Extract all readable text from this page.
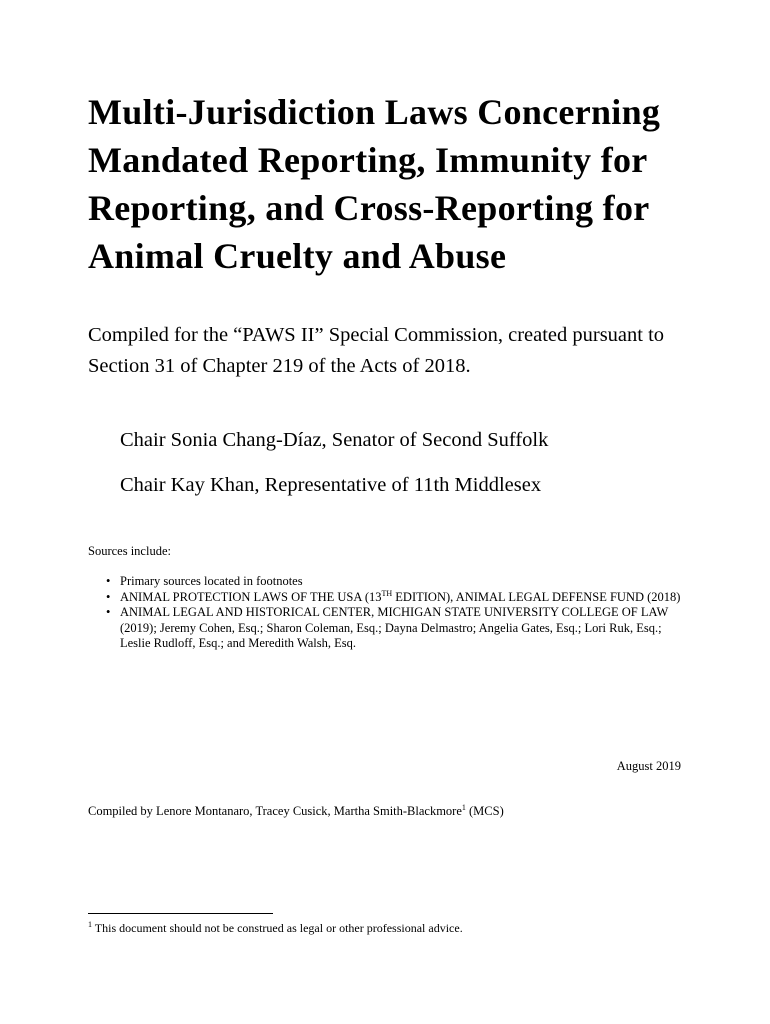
Multi-Jurisdiction Laws Concerning Mandated Reporting, Immunity for Reporting, and Cross-Reporting for Animal Cruelty and Abuse

Compiled for the “PAWS II” Special Commission, created pursuant to Section 31 of Chapter 219 of the Acts of 2018.

Chair Sonia Chang-Díaz, Senator of Second Suffolk

Chair Kay Khan, Representative of 11th Middlesex

Sources include:

• Primary sources located in footnotes
• ANIMAL PROTECTION LAWS OF THE USA (13TH EDITION), ANIMAL LEGAL DEFENSE FUND (2018)
• ANIMAL LEGAL AND HISTORICAL CENTER, MICHIGAN STATE UNIVERSITY COLLEGE OF LAW (2019); Jeremy Cohen, Esq.; Sharon Coleman, Esq.; Dayna Delmastro; Angelia Gates, Esq.; Lori Ruk, Esq.; Leslie Rudloff, Esq.; and Meredith Walsh, Esq.

August 2019

Compiled by Lenore Montanaro, Tracey Cusick, Martha Smith-Blackmore$^1$ (MCS)

$^1$ This document should not be construed as legal or other professional advice.
